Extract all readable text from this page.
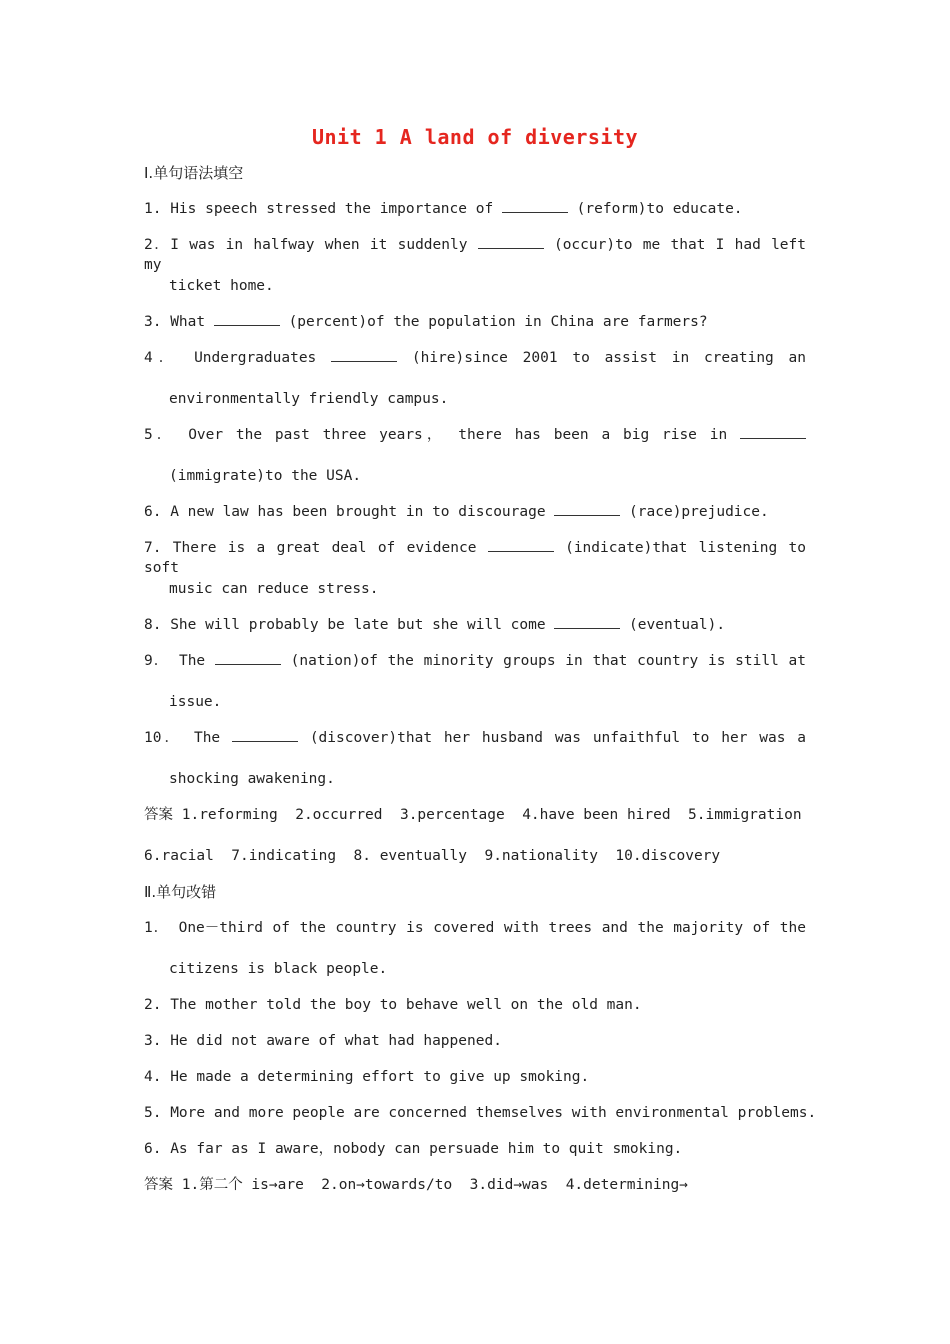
Unit 1 A land of diversity
Ⅰ.单句语法填空
1. His speech stressed the importance of	(reform)to educate.
2．I was in halfway when it suddenly	(occur)to me that I had left my
ticket home.
3. What	(percent)of the population in China are farmers?
4． Undergraduates	(hire)since 2001 to assist in creating an
environmentally friendly campus.
5． Over the past three years， there has been a big rise in
(immigrate)to the USA.
6. A new law has been brought in to discourage	(race)prejudice.
7. There is a great deal of evidence	(indicate)that listening to soft
music can reduce stress.
8. She will probably be late but she will come	(eventual).
9． The	(nation)of the minority groups in that country is still at
issue.
10． The	(discover)that her husband was unfaithful to her was a
shocking awakening.
答案 1.reforming  2.occurred  3.percentage  4.have been hired  5.immigration
6.racial  7.indicating  8. eventually  9.nationality  10.discovery
Ⅱ.单句改错
1． One－third of the country is covered with trees and the majority of the
citizens is black people.
2. The mother told the boy to behave well on the old man.
3. He did not aware of what had happened.
4. He made a determining effort to give up smoking.
5. More and more people are concerned themselves with environmental problems.
6. As far as I aware，nobody can persuade him to quit smoking.
答案 1.第二个 is→are  2.on→towards/to  3.did→was  4.determining→
